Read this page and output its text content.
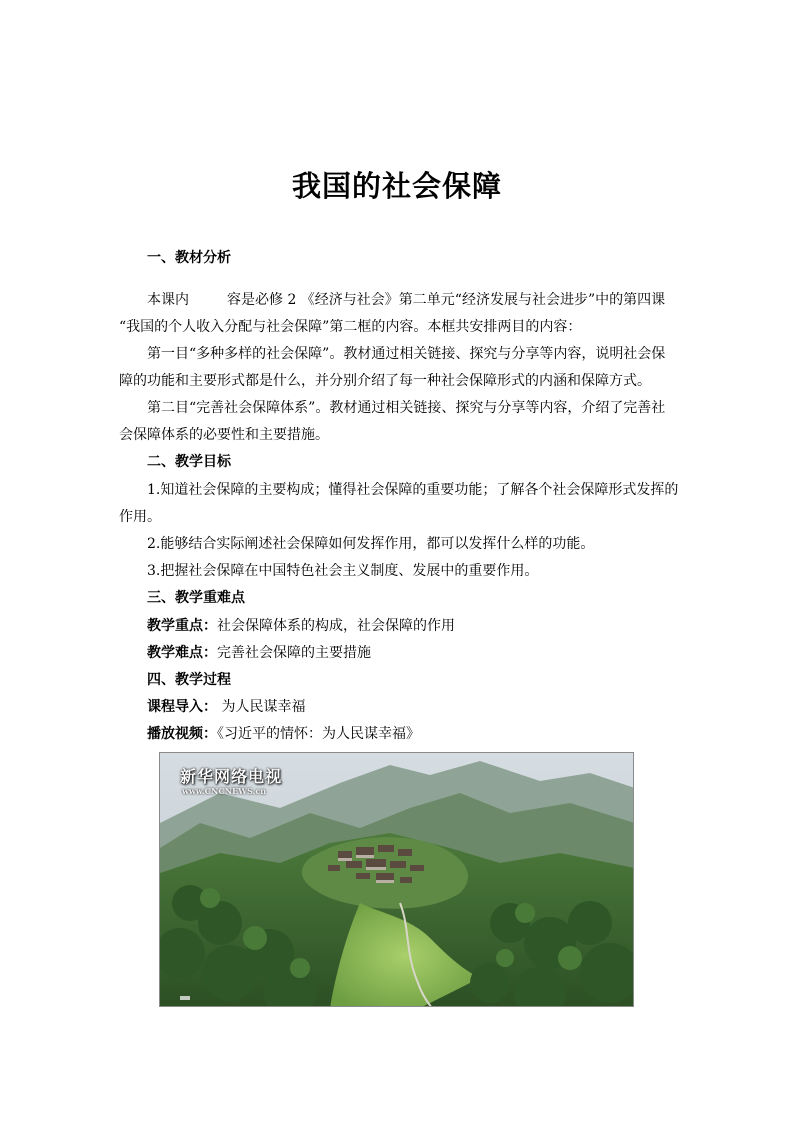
我国的社会保障
一、教材分析
本课内	容是必修 2 《经济与社会》第二单元“经济发展与社会进步”中的第四课
“我国的个人收入分配与社会保障”第二框的内容。本框共安排两目的内容：
第一目“多种多样的社会保障”。教材通过相关链接、探究与分享等内容，说明社会保
障的功能和主要形式都是什么，并分别介绍了每一种社会保障形式的内涵和保障方式。
第二目“完善社会保障体系”。教材通过相关链接、探究与分享等内容，介绍了完善社
会保障体系的必要性和主要措施。
二、教学目标
1.知道社会保障的主要构成；懂得社会保障的重要功能；了解各个社会保障形式发挥的
作用。
2.能够结合实际阐述社会保障如何发挥作用，都可以发挥什么样的功能。
3.把握社会保障在中国特色社会主义制度、发展中的重要作用。
三、教学重难点
教学重点：社会保障体系的构成，社会保障的作用
教学难点：完善社会保障的主要措施
四、教学过程
课程导入： 为人民谋幸福
播放视频：《习近平的情怀：为人民谋幸福》
新华网络电视
www.CNCNEWS.cn
